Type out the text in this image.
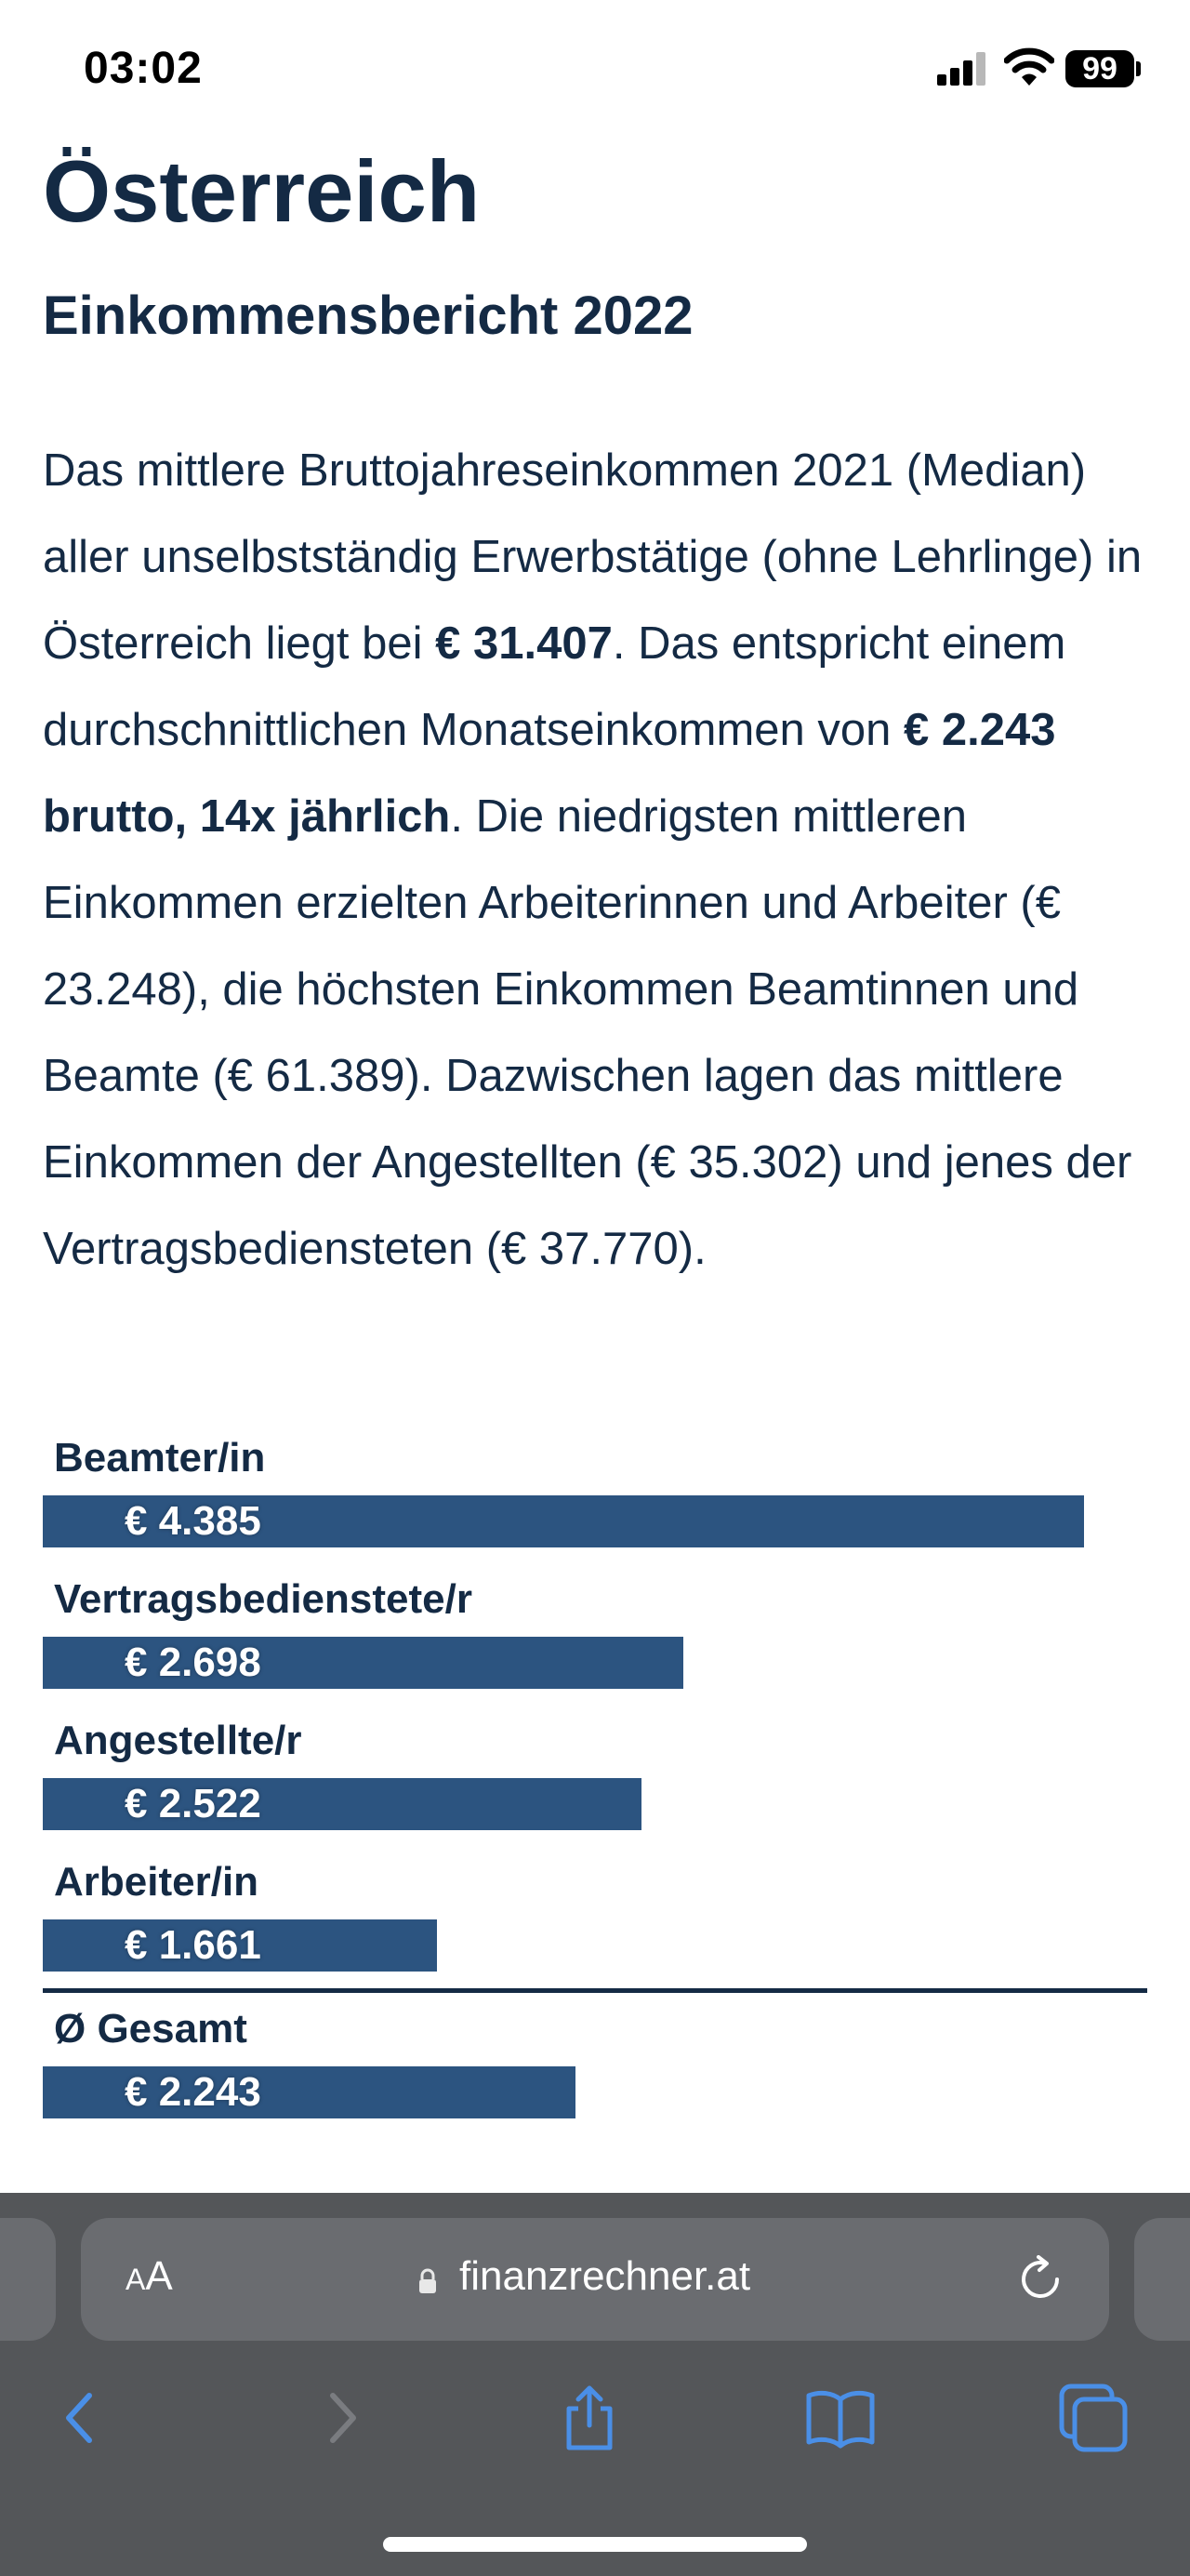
03:02	99
Österreich
Einkommensbericht 2022

Das mittlere Bruttojahreseinkommen 2021 (Median) aller unselbstständig Erwerbstätige (ohne Lehrlinge) in Österreich liegt bei € 31.407. Das entspricht einem durchschnittlichen Monatseinkommen von € 2.243 brutto, 14x jährlich. Die niedrigsten mittleren Einkommen erzielten Arbeiterinnen und Arbeiter (€ 23.248), die höchsten Einkommen Beamtinnen und Beamte (€ 61.389). Dazwischen lagen das mittlere Einkommen der Angestellten (€ 35.302) und jenes der Vertragsbediensteten (€ 37.770).

Beamter/in
€ 4.385
Vertragsbedienstete/r
€ 2.698
Angestellte/r
€ 2.522
Arbeiter/in
€ 1.661
Ø Gesamt
€ 2.243
AA	finanzrechner.at
